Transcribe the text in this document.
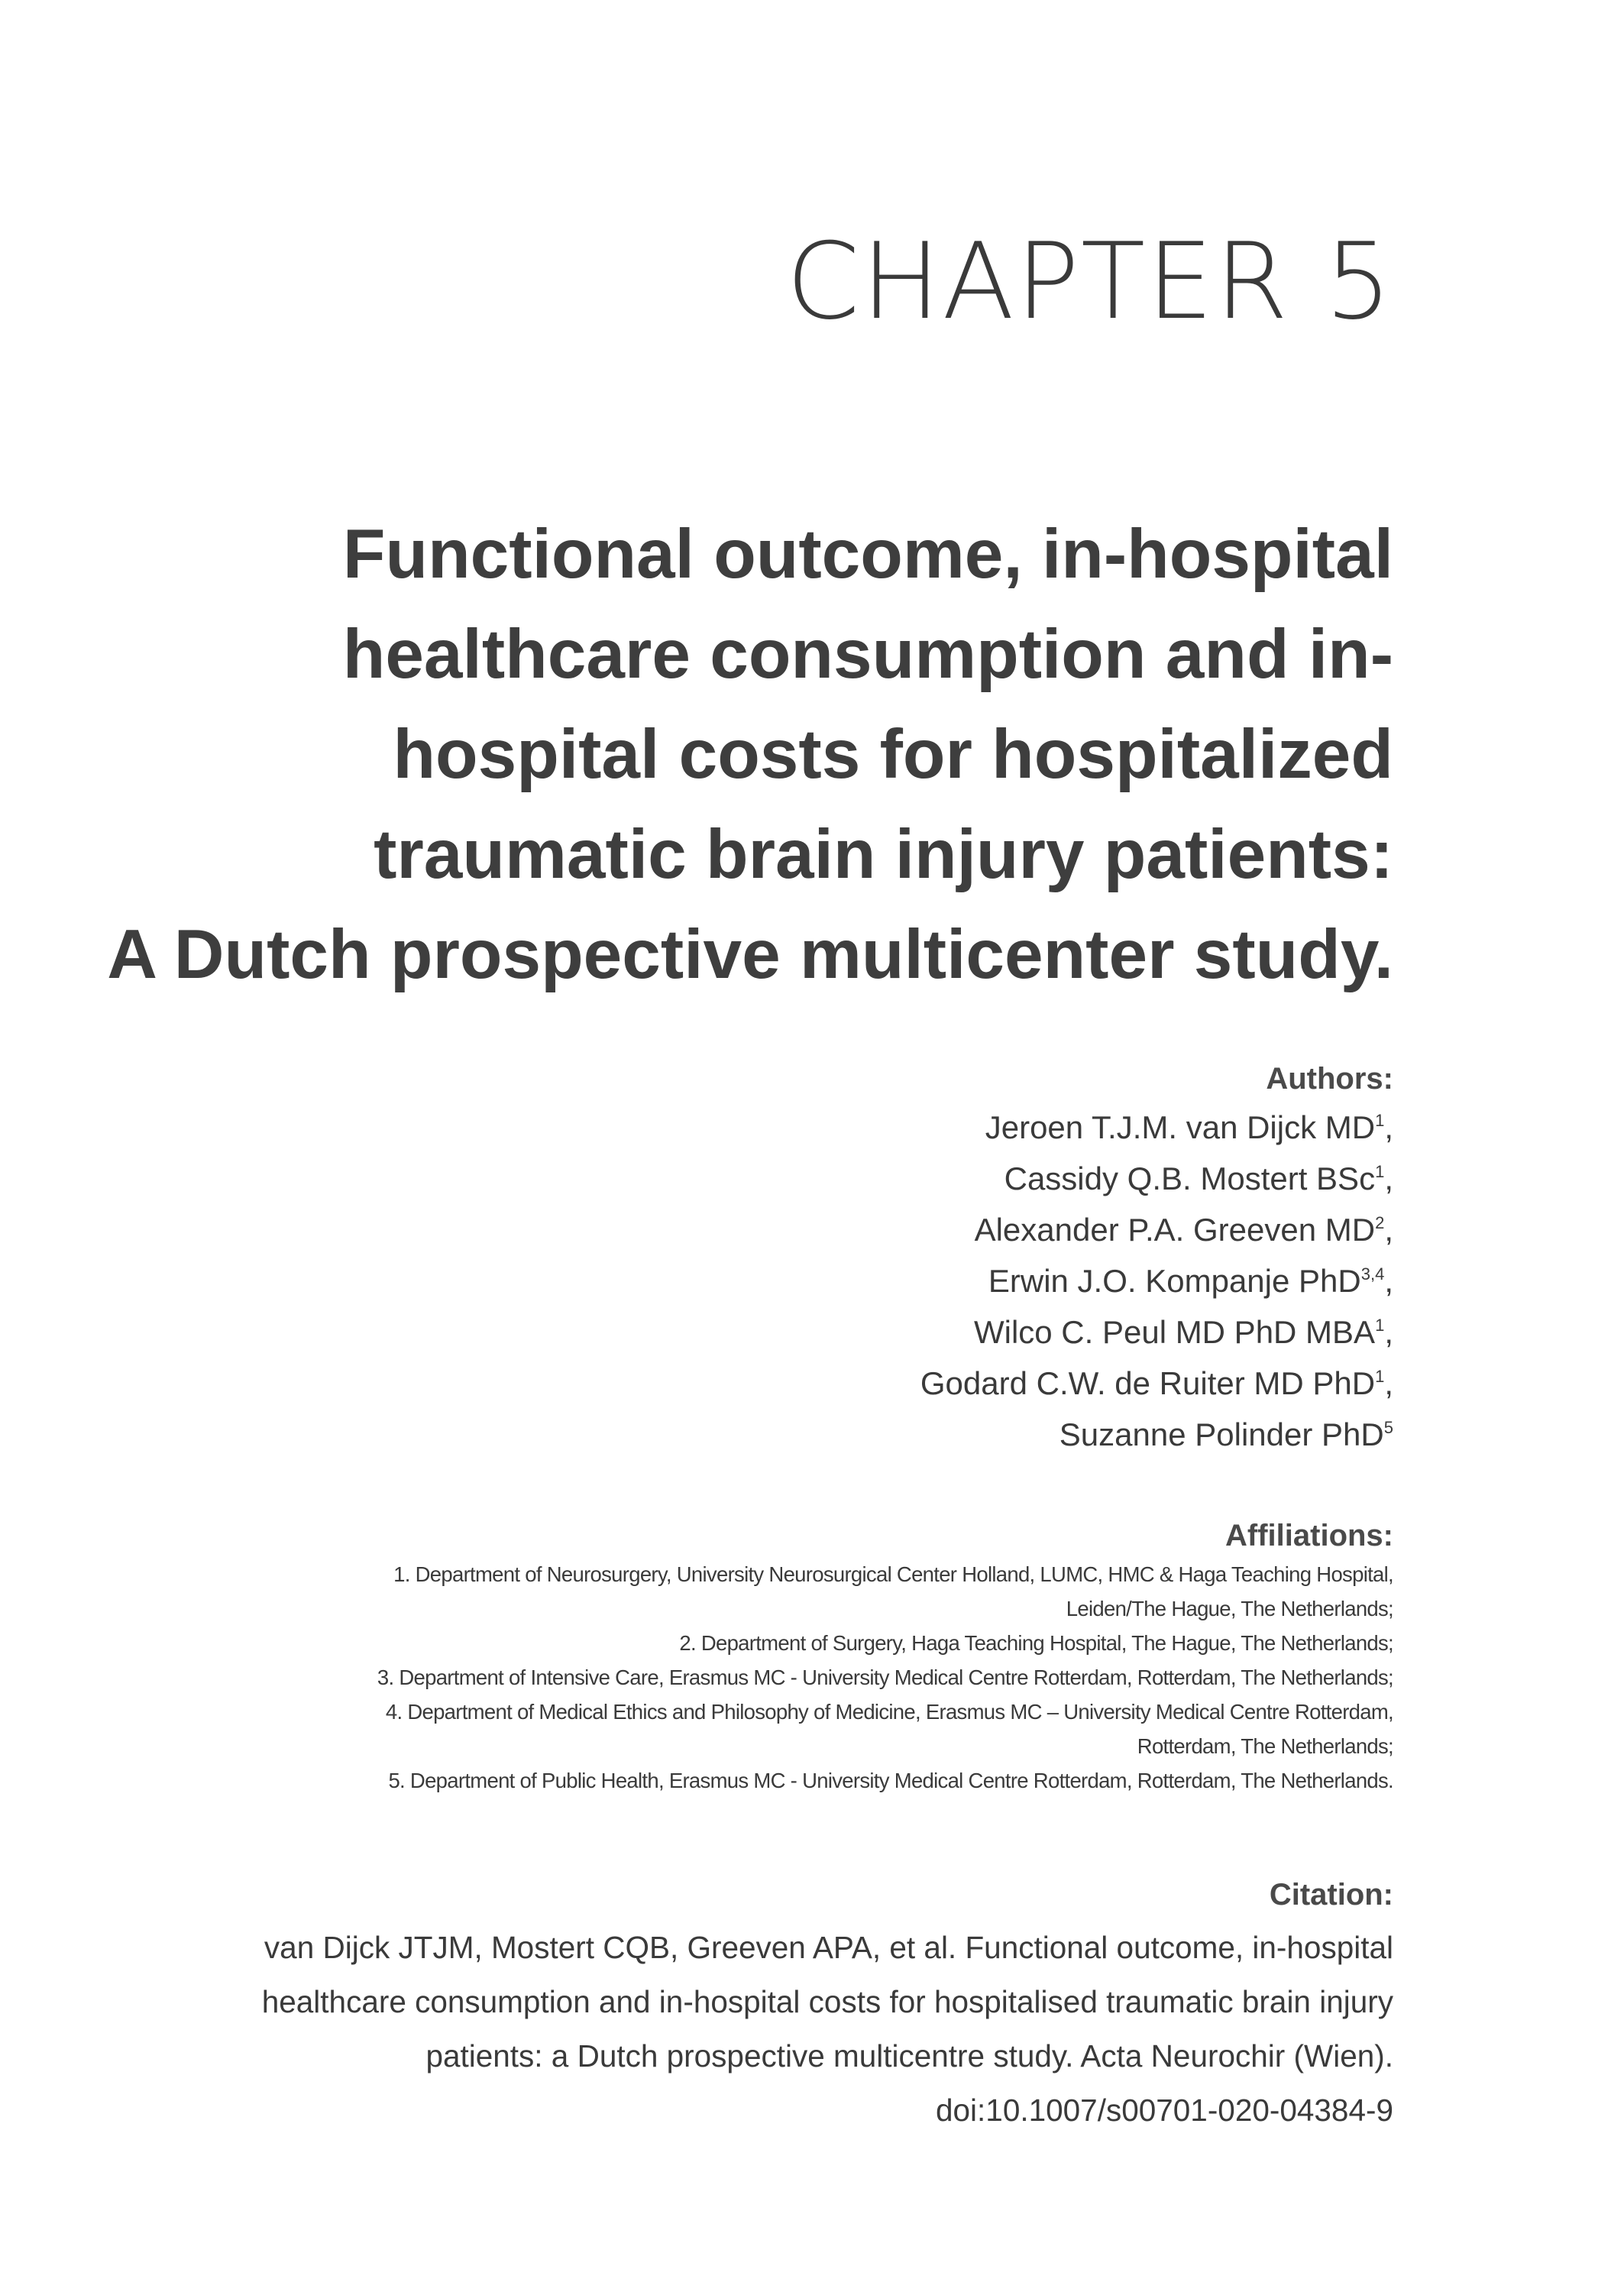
CHAPTER 5
Functional outcome, in-hospital
healthcare consumption and in-
hospital costs for hospitalized
traumatic brain injury patients:
A Dutch prospective multicenter study.
Authors:
Jeroen T.J.M. van Dijck $MD^1$,
Cassidy Q.B. Mostert BSc$^1$,
Alexander P.A. Greeven $MD^2$,
Erwin J.O. Kompanje PhD$^{3,4}$,
Wilco C. Peul MD PhD MBA$^1$,
Godard C.W. de Ruiter MD PhD$^1$,
Suzanne Polinder PhD$^5$
Affiliations:
1. Department of Neurosurgery, University Neurosurgical Center Holland, LUMC, HMC & Haga Teaching Hospital,
Leiden/The Hague, The Netherlands;
2. Department of Surgery, Haga Teaching Hospital, The Hague, The Netherlands;
3. Department of Intensive Care, Erasmus MC - University Medical Centre Rotterdam, Rotterdam, The Netherlands;
4. Department of Medical Ethics and Philosophy of Medicine, Erasmus MC – University Medical Centre Rotterdam,
Rotterdam, The Netherlands;
5. Department of Public Health, Erasmus MC - University Medical Centre Rotterdam, Rotterdam, The Netherlands.
Citation:

van Dijck JTJM, Mostert CQB, Greeven APA, et al. Functional outcome, in-hospital
healthcare consumption and in-hospital costs for hospitalised traumatic brain injury
patients: a Dutch prospective multicentre study. Acta Neurochir (Wien).
doi:10.1007/s00701-020-04384-9
